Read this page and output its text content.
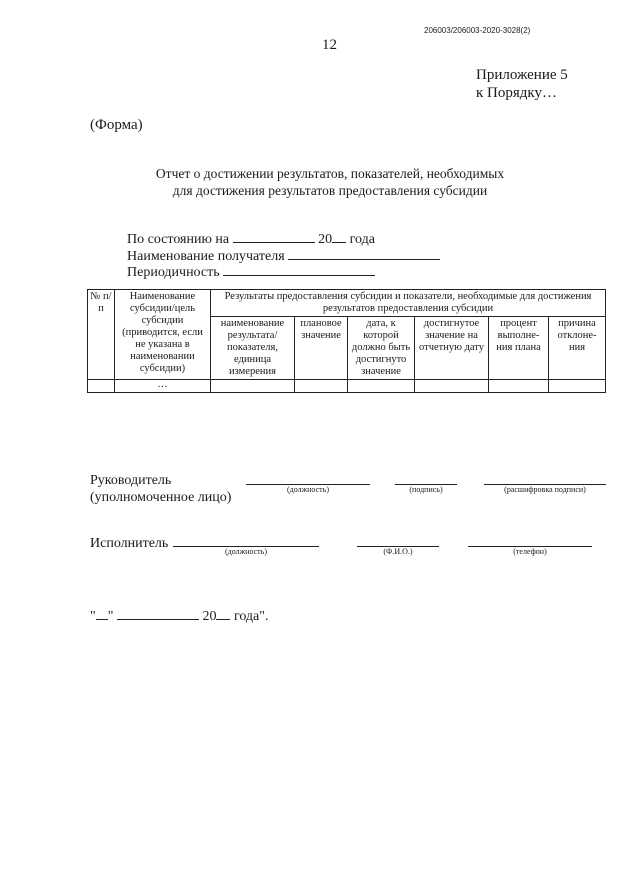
206003/206003-2020-3028(2)
12
Приложение 5
к Порядку…
(Форма)
Отчет о достижении результатов, показателей, необходимых
для достижения результатов предоставления субсидии
По состоянию на	20 года
Наименование получателя
Периодичность
№ п/п	Наименование субсидии/цель субсидии (приводится, если не указана в наименовании субсидии)	Результаты предоставления субсидии и показатели, необходимые для достижения результатов предоставления субсидии					
		наименование результата/ показателя, единица измерения	плановое значение	дата, к которой должно быть достигнуто значение	достигнутое значение на отчетную дату	процент выполне-ния плана	причина отклоне-ния
	…						
Руководитель
(уполномоченное лицо)
(должность)	(подпись)	(расшифровка подписи)
Исполнитель
(должность)	(Ф.И.О.)	(телефон)
" "	20 года".
